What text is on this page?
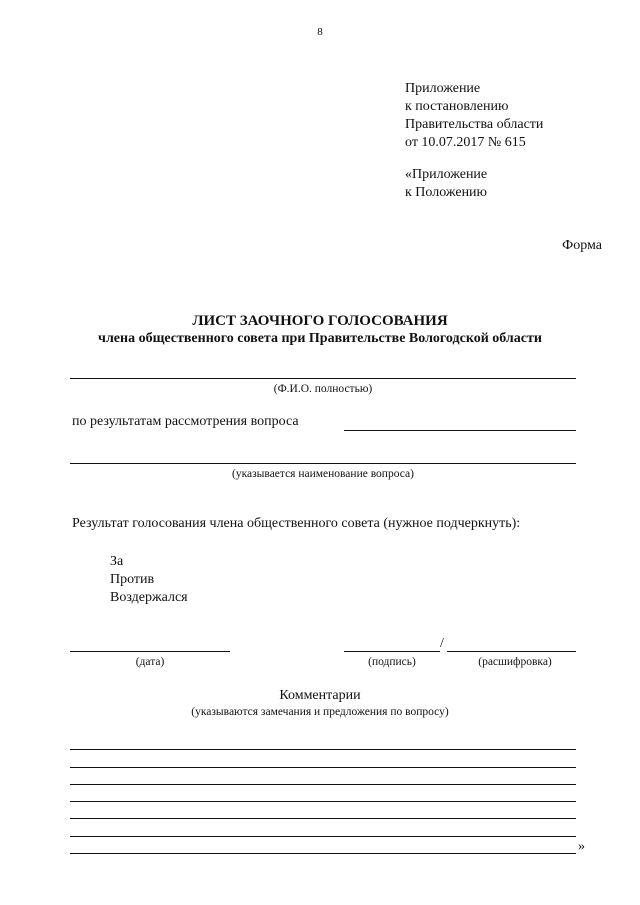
8
Приложение
к постановлению
Правительства области
от 10.07.2017 № 615
«Приложение
к Положению
Форма
ЛИСТ ЗАОЧНОГО ГОЛОСОВАНИЯ
члена общественного совета при Правительстве Вологодской области
(Ф.И.О. полностью)
по результатам рассмотрения вопроса
(указывается наименование вопроса)
Результат голосования члена общественного совета (нужное подчеркнуть):
За
Против
Воздержался
/
(дата)	(подпись)	(расшифровка)
Комментарии
(указываются замечания и предложения по вопросу)
»
